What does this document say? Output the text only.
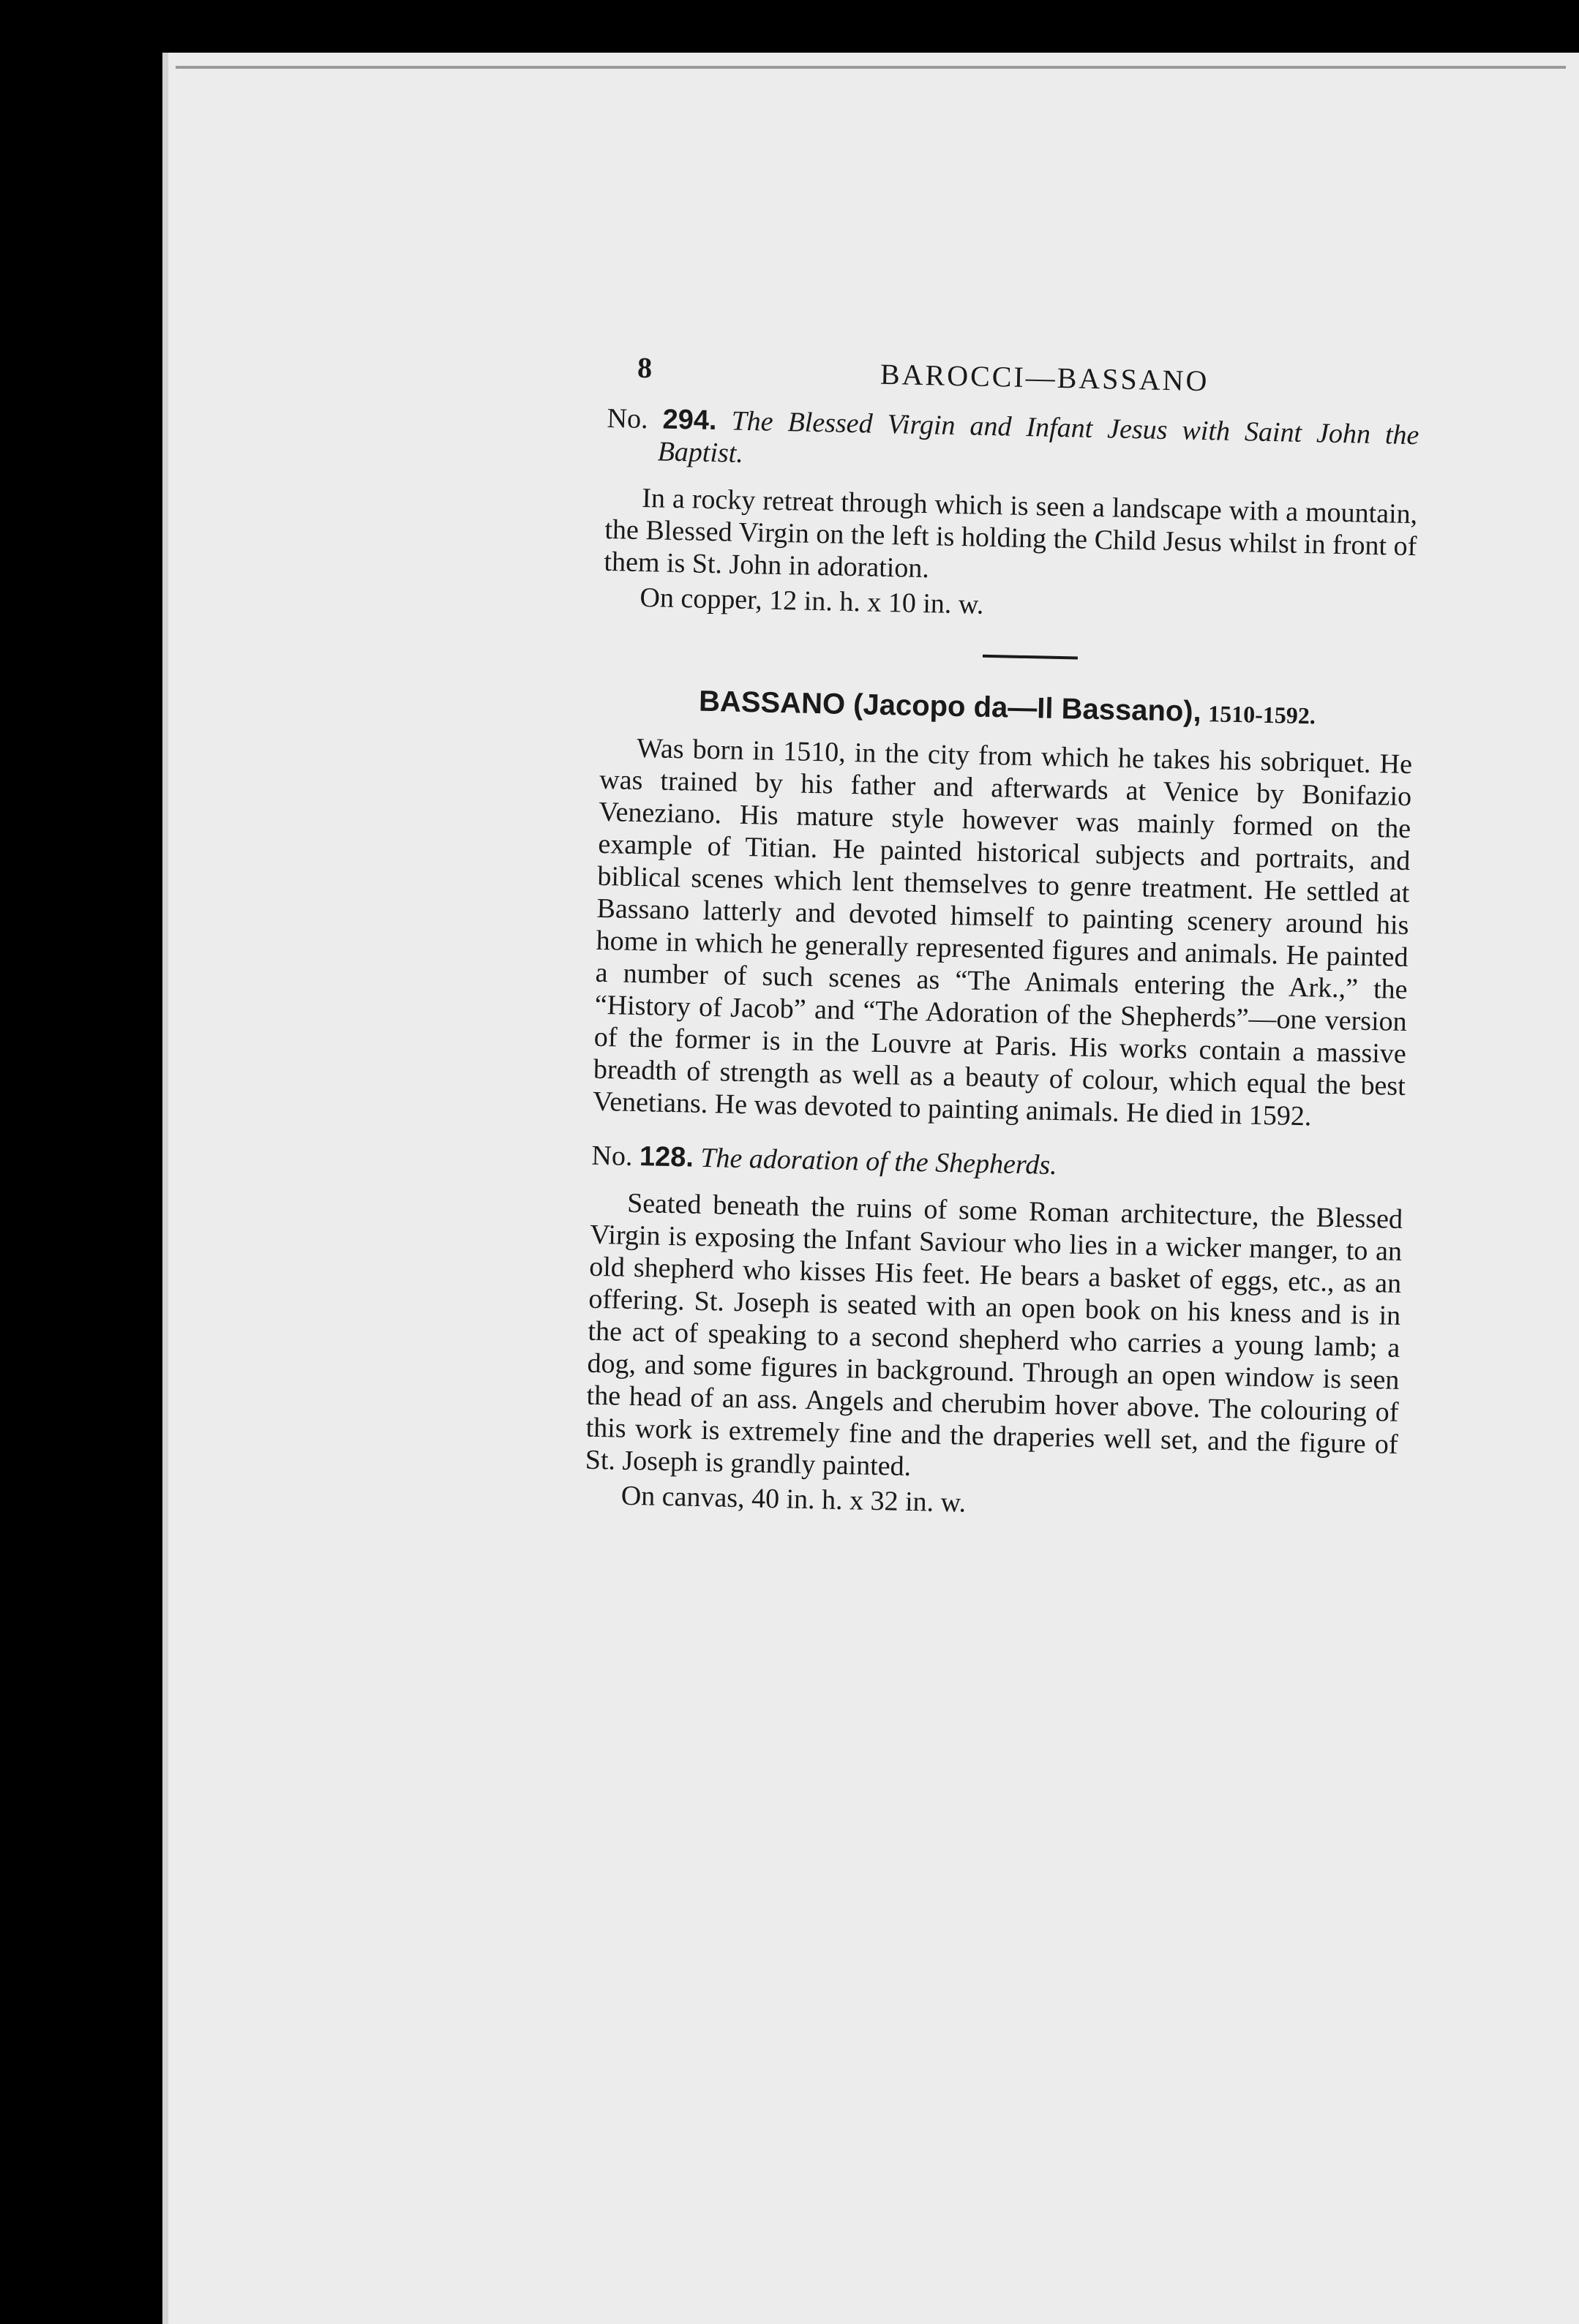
8	BAROCCI—BASSANO

No. 294. The Blessed Virgin and Infant Jesus with Saint John the Baptist.

In a rocky retreat through which is seen a landscape with a mountain, the Blessed Virgin on the left is holding the Child Jesus whilst in front of them is St. John in adoration.

On copper, 12 in. h. x 10 in. w.

BASSANO (Jacopo da—Il Bassano), 1510-1592.

Was born in 1510, in the city from which he takes his sobriquet. He was trained by his father and afterwards at Venice by Bonifazio Veneziano. His mature style however was mainly formed on the example of Titian. He painted historical subjects and portraits, and biblical scenes which lent themselves to genre treatment. He settled at Bassano latterly and devoted himself to painting scenery around his home in which he generally represented figures and animals. He painted a number of such scenes as “The Animals entering the Ark.,” the “History of Jacob” and “The Adoration of the Shepherds”—one version of the former is in the Louvre at Paris. His works contain a massive breadth of strength as well as a beauty of colour, which equal the best Venetians. He was devoted to painting animals. He died in 1592.

No. 128. The adoration of the Shepherds.

Seated beneath the ruins of some Roman architecture, the Blessed Virgin is exposing the Infant Saviour who lies in a wicker manger, to an old shepherd who kisses His feet. He bears a basket of eggs, etc., as an offering. St. Joseph is seated with an open book on his kness and is in the act of speaking to a second shepherd who carries a young lamb; a dog, and some figures in background. Through an open window is seen the head of an ass. Angels and cherubim hover above. The colouring of this work is extremely fine and the draperies well set, and the figure of St. Joseph is grandly painted.

On canvas, 40 in. h. x 32 in. w.
